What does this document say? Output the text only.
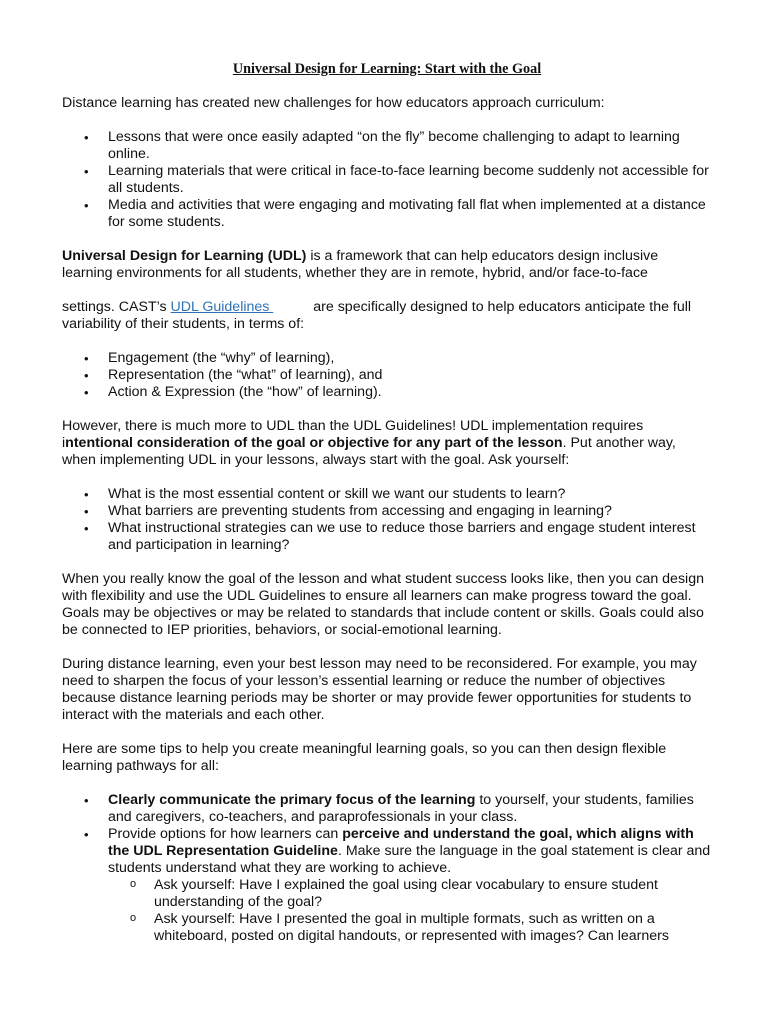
Universal Design for Learning: Start with the Goal

Distance learning has created new challenges for how educators approach curriculum:

• Lessons that were once easily adapted “on the fly” become challenging to adapt to learning online.
• Learning materials that were critical in face-to-face learning become suddenly not accessible for all students.
• Media and activities that were engaging and motivating fall flat when implemented at a distance for some students.

Universal Design for Learning (UDL) is a framework that can help educators design inclusive learning environments for all students, whether they are in remote, hybrid, and/or face-to-face

settings. CAST’s UDL Guidelines	are specifically designed to help educators anticipate the full variability of their students, in terms of:

• Engagement (the “why” of learning),
• Representation (the “what” of learning), and
• Action & Expression (the “how” of learning).

However, there is much more to UDL than the UDL Guidelines! UDL implementation requires intentional consideration of the goal or objective for any part of the lesson. Put another way, when implementing UDL in your lessons, always start with the goal. Ask yourself:

• What is the most essential content or skill we want our students to learn?
• What barriers are preventing students from accessing and engaging in learning?
• What instructional strategies can we use to reduce those barriers and engage student interest and participation in learning?

When you really know the goal of the lesson and what student success looks like, then you can design with flexibility and use the UDL Guidelines to ensure all learners can make progress toward the goal. Goals may be objectives or may be related to standards that include content or skills. Goals could also be connected to IEP priorities, behaviors, or social-emotional learning.

During distance learning, even your best lesson may need to be reconsidered. For example, you may need to sharpen the focus of your lesson’s essential learning or reduce the number of objectives because distance learning periods may be shorter or may provide fewer opportunities for students to interact with the materials and each other.

Here are some tips to help you create meaningful learning goals, so you can then design flexible learning pathways for all:

• Clearly communicate the primary focus of the learning to yourself, your students, families and caregivers, co-teachers, and paraprofessionals in your class.
• Provide options for how learners can perceive and understand the goal, which aligns with the UDL Representation Guideline. Make sure the language in the goal statement is clear and students understand what they are working to achieve.
o Ask yourself: Have I explained the goal using clear vocabulary to ensure student understanding of the goal?
o Ask yourself: Have I presented the goal in multiple formats, such as written on a whiteboard, posted on digital handouts, or represented with images? Can learners
